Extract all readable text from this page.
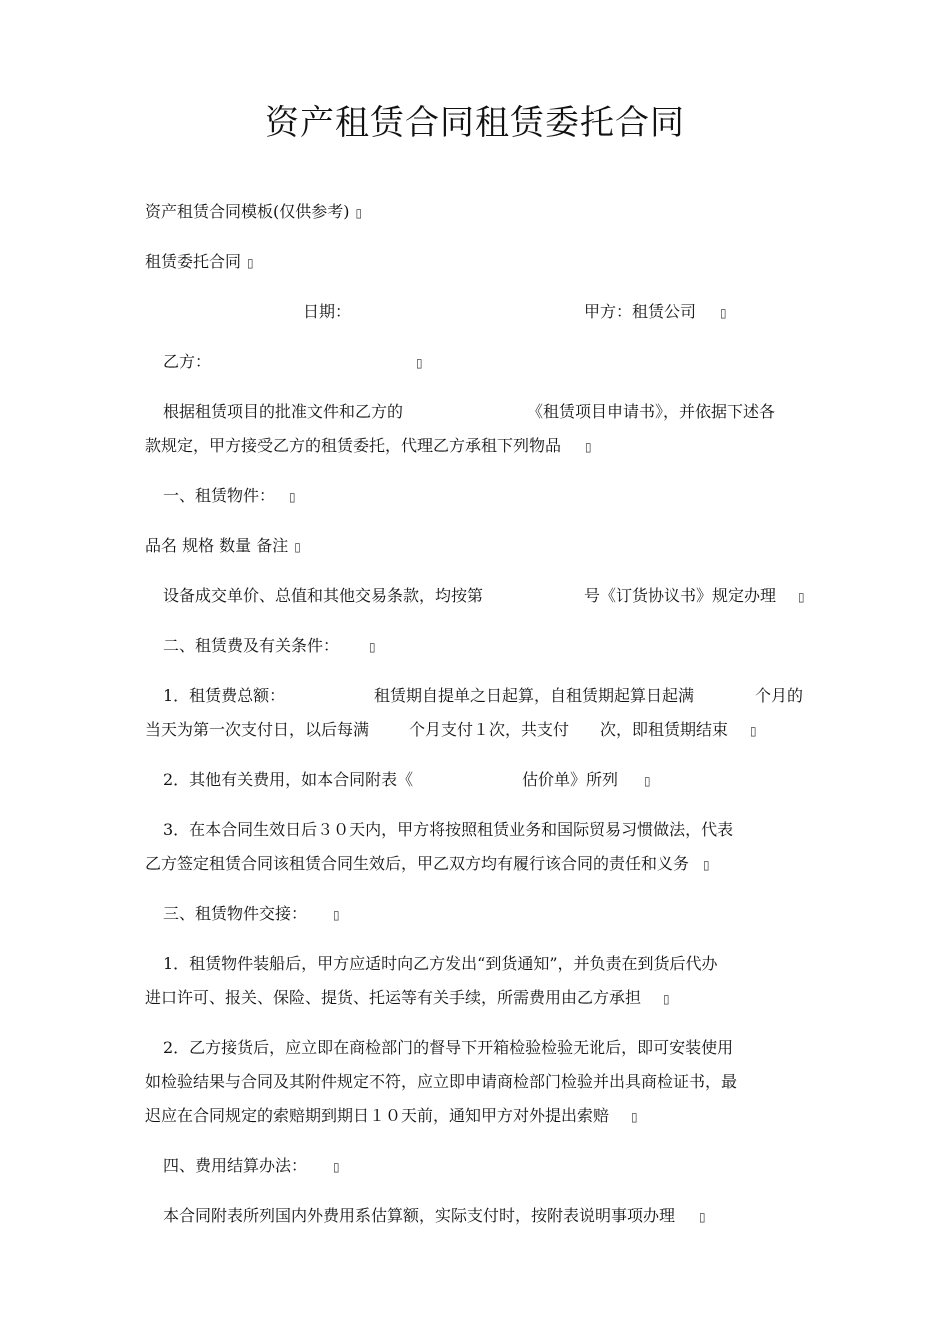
资产租赁合同租赁委托合同
资产租赁合同模板(仅供参考) ▯
租赁委托合同 ▯
日期：	甲方：租赁公司 ▯
乙方：	▯
根据租赁项目的批准文件和乙方的	《租赁项目申请书》，并依据下述各
款规定，甲方接受乙方的租赁委托，代理乙方承租下列物品 ▯
一、租赁物件： ▯
品名 规格 数量 备注 ▯
设备成交单价、总值和其他交易条款，均按第	号《订货协议书》规定办理 ▯
二、租赁费及有关条件：	▯
1．租赁费总额：	租赁期自提单之日起算，自租赁期起算日起满	个月的
当天为第一次支付日，以后每满 个月支付１次，共支付 次，即租赁期结束 ▯
2．其他有关费用，如本合同附表《	估价单》所列 ▯
3．在本合同生效日后３０天内，甲方将按照租赁业务和国际贸易习惯做法，代表
乙方签定租赁合同该租赁合同生效后，甲乙双方均有履行该合同的责任和义务 ▯
三、租赁物件交接： ▯
1．租赁物件装船后，甲方应适时向乙方发出“到货通知”，并负责在到货后代办
进口许可、报关、保险、提货、托运等有关手续，所需费用由乙方承担 ▯
2．乙方接货后，应立即在商检部门的督导下开箱检验检验无讹后，即可安装使用
如检验结果与合同及其附件规定不符，应立即申请商检部门检验并出具商检证书，最
迟应在合同规定的索赔期到期日１０天前，通知甲方对外提出索赔 ▯
四、费用结算办法： ▯
本合同附表所列国内外费用系估算额，实际支付时，按附表说明事项办理 ▯
